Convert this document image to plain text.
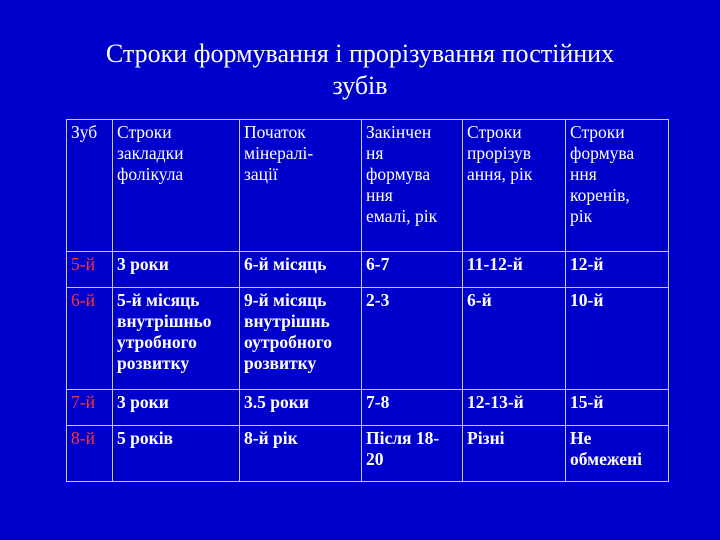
Строки формування і прорізування постійних
зубів
Зуб	Строки
закладки
фолікула	Початок
мінералі-
зації	Закінчен
ня
формува
ння
емалі, рік	Строки
прорізув
ання, рік	Строки
формува
ння
коренів,
рік
5-й	3 роки	6-й місяць	6-7	11-12-й	12-й
6-й	5-й місяць
внутрішньо
утробного
розвитку	9-й місяць
внутрішнь
оутробного
розвитку	2-3	6-й	10-й
7-й	3 роки	3.5 роки	7-8	12-13-й	15-й
8-й	5 років	8-й рік	Після 18-
20	Різні	Не
обмежені
